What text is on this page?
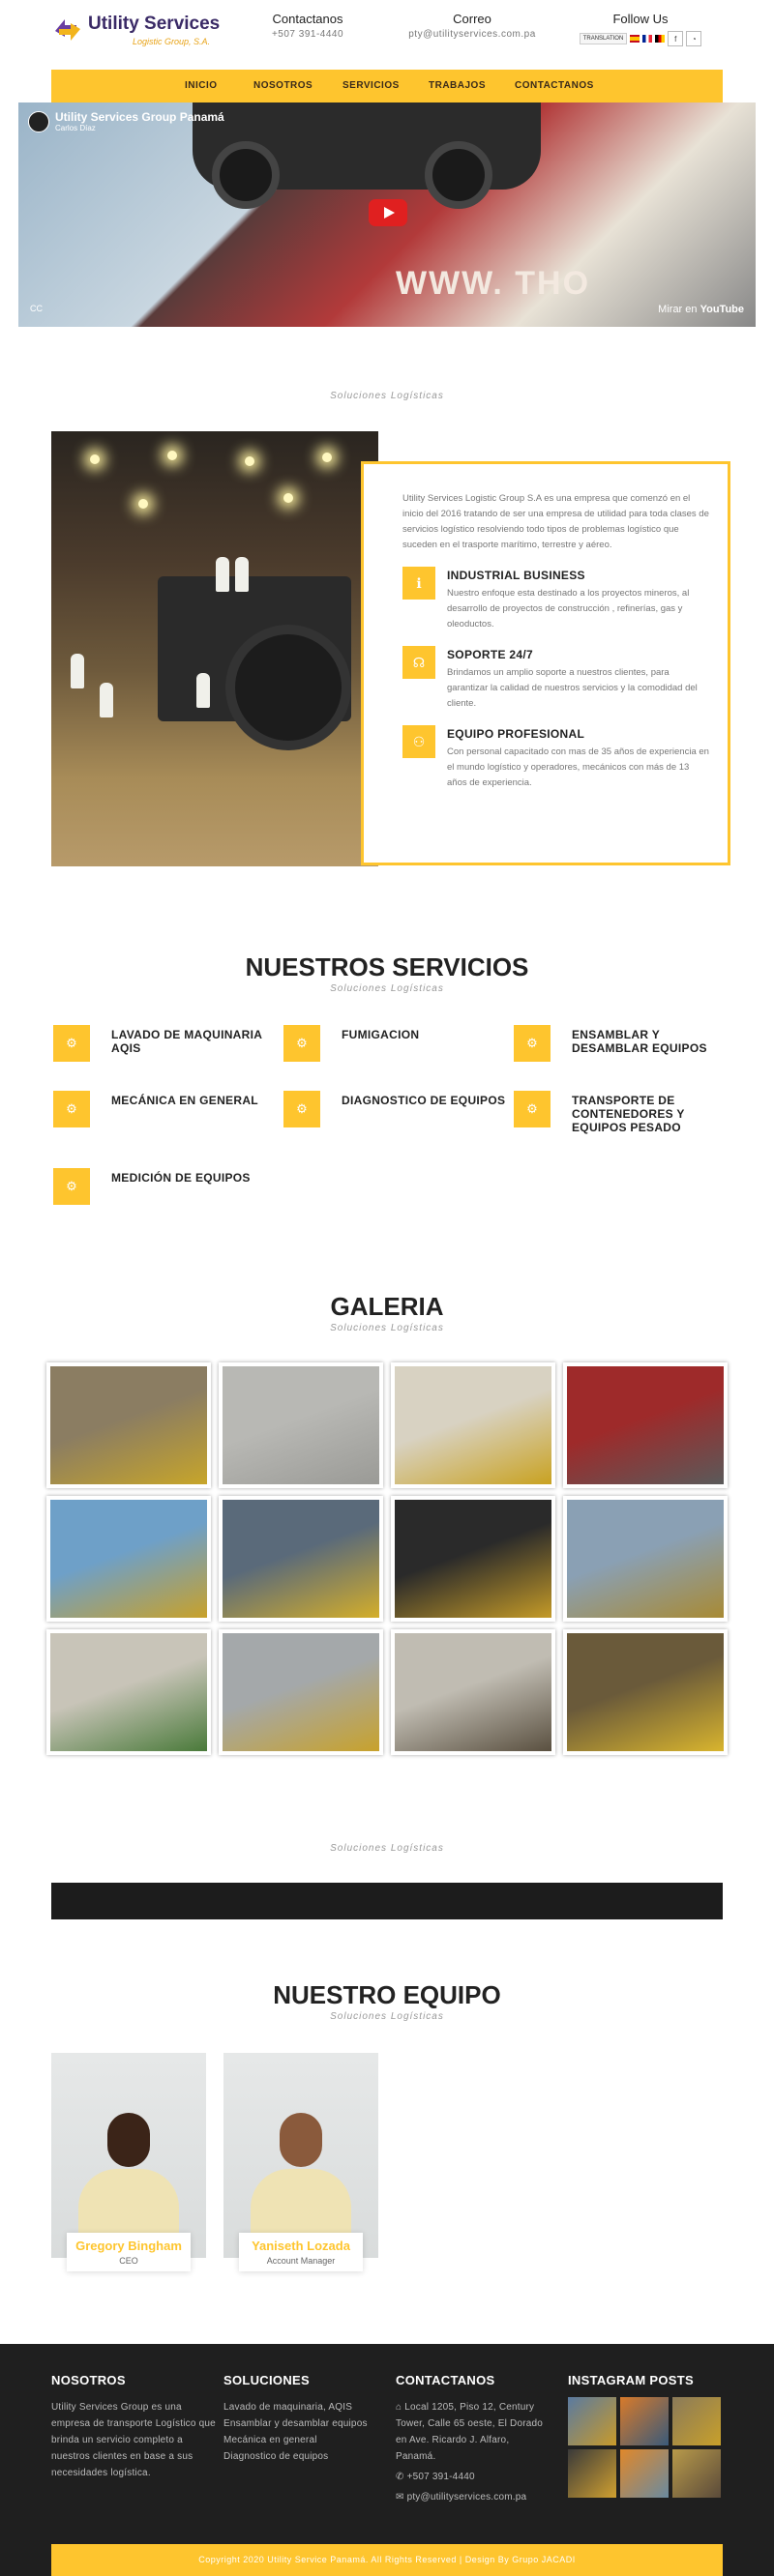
Utility Services
Logistic Group, S.A.
Contactanos

+507 391-4440

Correo

pty@utilityservices.com.pa

Follow Us
TRANSLATION	f	◔
INICIO	NOSOTROS	SERVICIOS	TRABAJOS	CONTACTANOS
WWW. THO
Utility Services Group Panamá
Carlos Díaz
CC	Mirar en YouTube
Soluciones Logísticas

Utility Services Logistic Group S.A es una empresa que comenzó en el inicio del 2016 tratando de ser una empresa de utilidad para toda clases de servicios logístico resolviendo todo tipos de problemas logístico que suceden en el trasporte marítimo, terrestre y aéreo.

ℹ	INDUSTRIAL BUSINESS

Nuestro enfoque esta destinado a los proyectos mineros, al desarrollo de proyectos de construcción , refinerías, gas y oleoductos.

☊	SOPORTE 24/7

Brindamos un amplio soporte a nuestros clientes, para garantizar la calidad de nuestros servicios y la comodidad del cliente.

⚇	EQUIPO PROFESIONAL

Con personal capacitado con mas de 35 años de experiencia en el mundo logístico y operadores, mecánicos con más de 13 años de experiencia.

NUESTROS SERVICIOS
Soluciones Logísticas
⚙
LAVADO DE MAQUINARIA AQIS	⚙
FUMIGACION
⚙
ENSAMBLAR Y DESAMBLAR EQUIPOS
⚙
MECÁNICA EN GENERAL
⚙
DIAGNOSTICO DE EQUIPOS
⚙
TRANSPORTE DE CONTENEDORES Y EQUIPOS PESADO
⚙
MEDICIÓN DE EQUIPOS
GALERIA
Soluciones Logísticas
Soluciones Logísticas
NUESTRO EQUIPO
Soluciones Logísticas
Gregory Bingham
CEO
Yaniseth Lozada
Account Manager
NOSOTROS

Utility Services Group es una empresa de transporte Logístico que brinda un servicio completo a nuestros clientes en base a sus necesidades logística.

SOLUCIONES
Lavado de maquinaria, AQIS
Ensamblar y desamblar equipos
Mecánica en general
Diagnostico de equipos
CONTACTANOS

⌂ Local 1205, Piso 12, Century Tower, Calle 65 oeste, El Dorado en Ave. Ricardo J. Alfaro, Panamá.

✆ +507 391-4440

✉ pty@utilityservices.com.pa

INSTAGRAM POSTS
Copyright 2020 Utility Service Panamá. All Rights Reserved | Design By Grupo JACADI
